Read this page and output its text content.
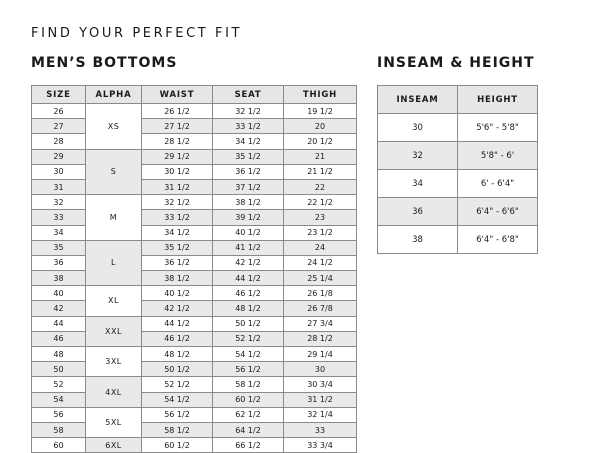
FIND YOUR PERFECT FIT
MEN’S BOTTOMS	INSEAM & HEIGHT
SIZE	ALPHA	WAIST	SEAT	THIGH
26	XS	26 1/2	32 1/2	19 1/2
27		27 1/2	33 1/2	20
28		28 1/2	34 1/2	20 1/2
29	S	29 1/2	35 1/2	21
30		30 1/2	36 1/2	21 1/2
31		31 1/2	37 1/2	22
32	M	32 1/2	38 1/2	22 1/2
33		33 1/2	39 1/2	23
34		34 1/2	40 1/2	23 1/2
35	L	35 1/2	41 1/2	24
36		36 1/2	42 1/2	24 1/2
38		38 1/2	44 1/2	25 1/4
40	XL	40 1/2	46 1/2	26 1/8
42		42 1/2	48 1/2	26 7/8
44	XXL	44 1/2	50 1/2	27 3/4
46		46 1/2	52 1/2	28 1/2
48	3XL	48 1/2	54 1/2	29 1/4
50		50 1/2	56 1/2	30
52	4XL	52 1/2	58 1/2	30 3/4
54		54 1/2	60 1/2	31 1/2
56	5XL	56 1/2	62 1/2	32 1/4
58		58 1/2	64 1/2	33
60	6XL	60 1/2	66 1/2	33 3/4
INSEAM	HEIGHT
30	5'6" - 5'8"
32	5'8" - 6'
34	6' - 6'4"
36	6'4" - 6'6"
38	6'4" - 6'8"
